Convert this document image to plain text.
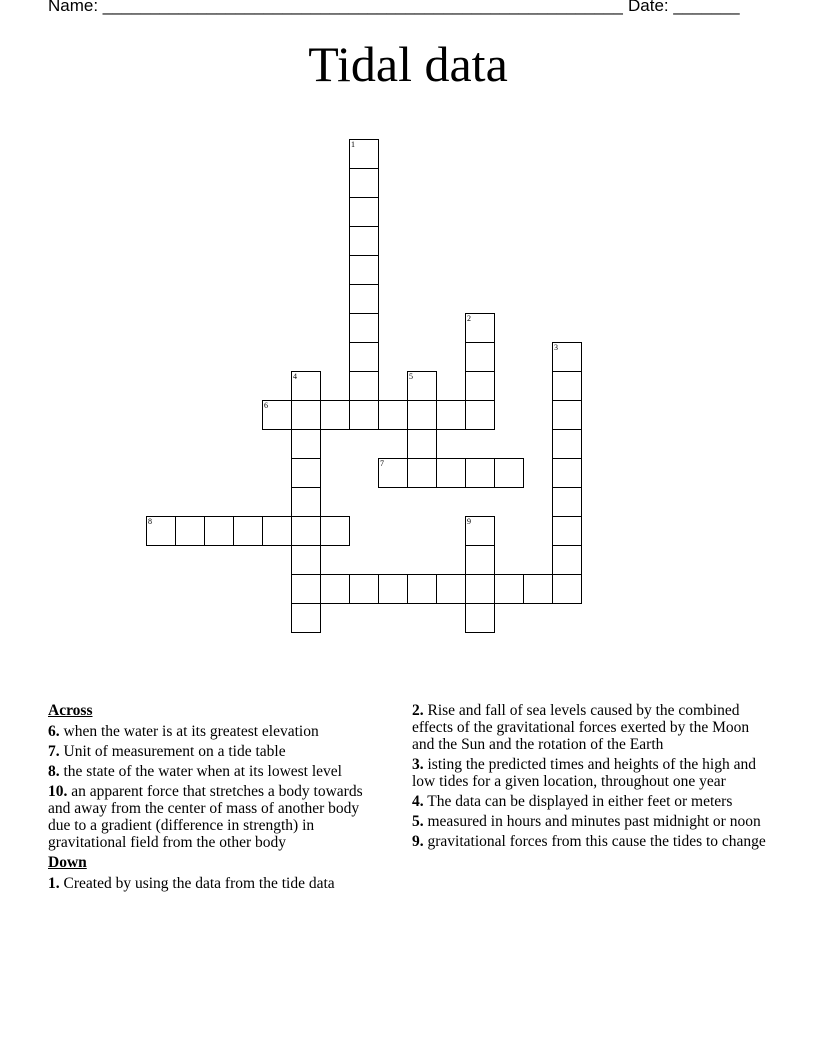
Name: _______________________________________________________ Date: _______
Tidal data
1
2
3
4	5
6
7
8	9
Across
6. when the water is at its greatest elevation
7. Unit of measurement on a tide table
8. the state of the water when at its lowest level
10. an apparent force that stretches a body towards and away from the center of mass of another body due to a gradient (difference in strength) in gravitational field from the other body
Down
1. Created by using the data from the tide data
2. Rise and fall of sea levels caused by the combined effects of the gravitational forces exerted by the Moon and the Sun and the rotation of the Earth
3. isting the predicted times and heights of the high and low tides for a given location, throughout one year
4. The data can be displayed in either feet or meters
5. measured in hours and minutes past midnight or noon
9. gravitational forces from this cause the tides to change
